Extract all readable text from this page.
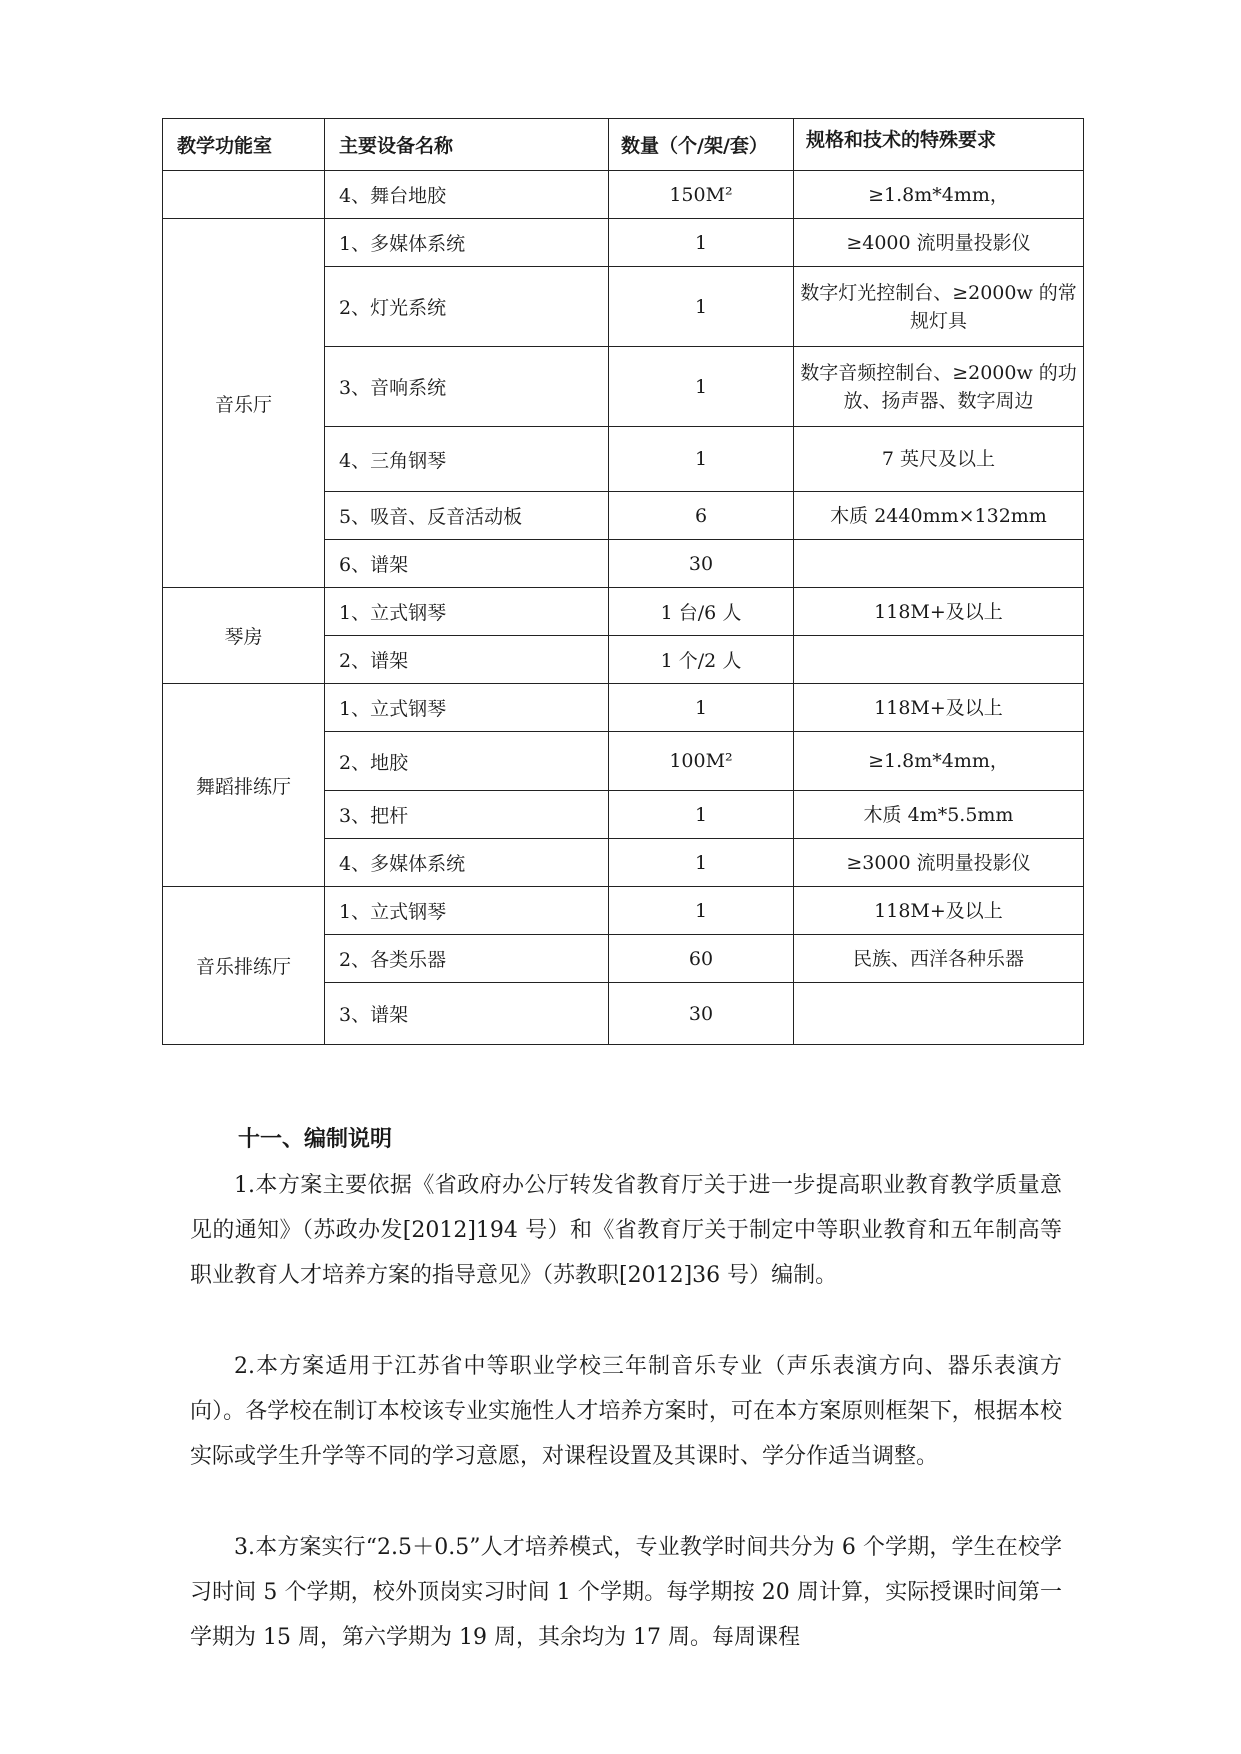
教学功能室	主要设备名称	数量（个/架/套）	规格和技术的特殊要求
	4、舞台地胶	150M²	≥1.8m*4mm，
音乐厅	1、多媒体系统	1	≥4000 流明量投影仪
	2、灯光系统	1	数字灯光控制台、≥2000w 的常规灯具
	3、音响系统	1	数字音频控制台、≥2000w 的功放、扬声器、数字周边
	4、三角钢琴	1	7 英尺及以上
	5、吸音、反音活动板	6	木质 2440mm×132mm
	6、谱架	30	
琴房	1、立式钢琴	1 台/6 人	118M+及以上
	2、谱架	1 个/2 人	
舞蹈排练厅	1、立式钢琴	1	118M+及以上
	2、地胶	100M²	≥1.8m*4mm，
	3、把杆	1	木质 4m*5.5mm
	4、多媒体系统	1	≥3000 流明量投影仪
音乐排练厅	1、立式钢琴	1	118M+及以上
	2、各类乐器	60	民族、西洋各种乐器
	3、谱架	30	
十一、编制说明

1.本方案主要依据《省政府办公厅转发省教育厅关于进一步提高职业教育教学质量意见的通知》（苏政办发[2012]194 号）和《省教育厅关于制定中等职业教育和五年制高等职业教育人才培养方案的指导意见》（苏教职[2012]36 号）编制。

2.本方案适用于江苏省中等职业学校三年制音乐专业（声乐表演方向、器乐表演方向）。各学校在制订本校该专业实施性人才培养方案时，可在本方案原则框架下，根据本校实际或学生升学等不同的学习意愿，对课程设置及其课时、学分作适当调整。

3.本方案实行“2.5＋0.5”人才培养模式，专业教学时间共分为 6 个学期，学生在校学习时间 5 个学期，校外顶岗实习时间 1 个学期。每学期按 20 周计算，实际授课时间第一学期为 15 周，第六学期为 19 周，其余均为 17 周。每周课程
